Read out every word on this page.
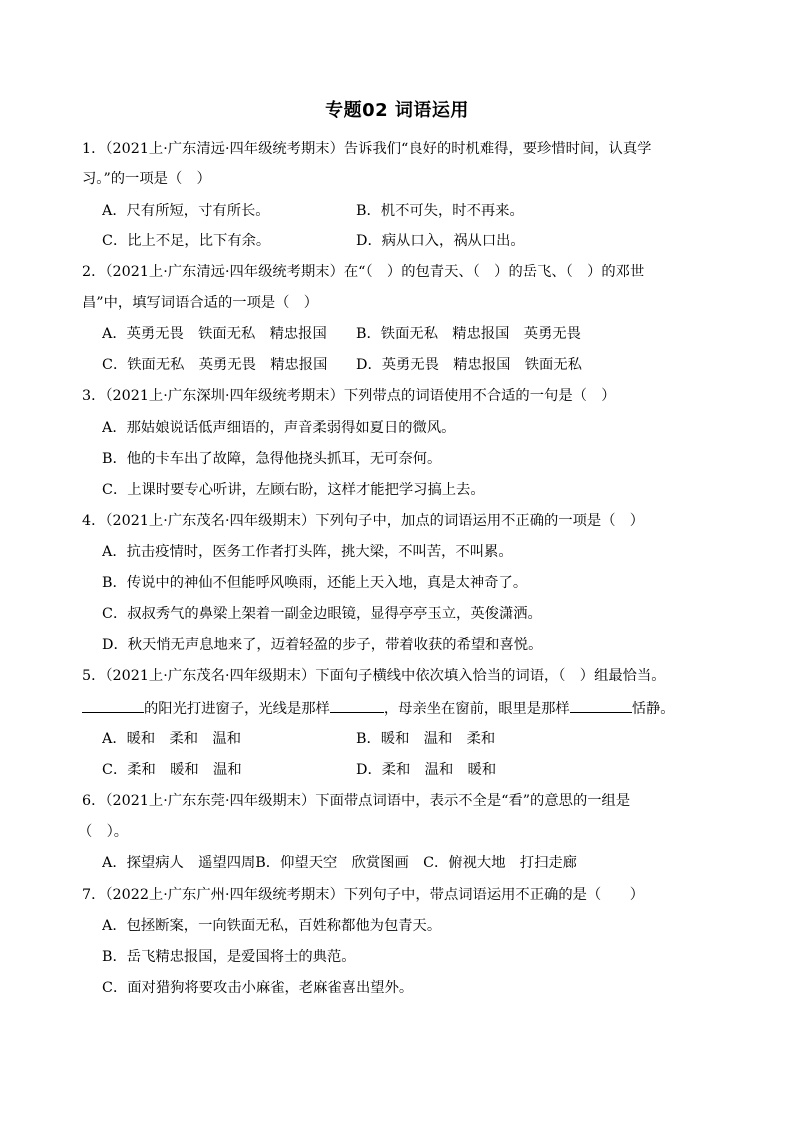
专题02 词语运用
1．（2021上·广东清远·四年级统考期末）告诉我们“良好的时机难得，要珍惜时间，认真学
习。”的一项是（　）
A．尺有所短，寸有所长。	B．机不可失，时不再来。
C．比上不足，比下有余。	D．病从口入，祸从口出。
2．（2021上·广东清远·四年级统考期末）在“（　）的包青天、（　）的岳飞、（　）的邓世
昌”中，填写词语合适的一项是（　）
A．英勇无畏　铁面无私　精忠报国	B．铁面无私　精忠报国　英勇无畏
C．铁面无私　英勇无畏　精忠报国	D．英勇无畏　精忠报国　铁面无私
3．（2021上·广东深圳·四年级统考期末）下列带点的词语使用不合适的一句是（　）
A．那姑娘说话低声细语的，声音柔弱得如夏日的微风。
B．他的卡车出了故障，急得他挠头抓耳，无可奈何。
C．上课时要专心听讲，左顾右盼，这样才能把学习搞上去。
4．（2021上·广东茂名·四年级期末）下列句子中，加点的词语运用不正确的一项是（　）
A．抗击疫情时，医务工作者打头阵，挑大梁，不叫苦，不叫累。
B．传说中的神仙不但能呼风唤雨，还能上天入地，真是太神奇了。
C．叔叔秀气的鼻梁上架着一副金边眼镜，显得亭亭玉立，英俊潇洒。
D．秋天悄无声息地来了，迈着轻盈的步子，带着收获的希望和喜悦。
5．（2021上·广东茂名·四年级期末）下面句子横线中依次填入恰当的词语，（　）组最恰当。
的阳光打进窗子，光线是那样	，母亲坐在窗前，眼里是那样	恬静。
A．暖和　柔和　温和	B．暖和　温和　柔和
C．柔和　暖和　温和	D．柔和　温和　暖和
6．（2021上·广东东莞·四年级期末）下面带点词语中，表示不全是“看”的意思的一组是
（　）。
A．探望病人　遥望四周B．仰望天空　欣赏图画　C．俯视大地　打扫走廊
7．（2022上·广东广州·四年级统考期末）下列句子中，带点词语运用不正确的是（　　）
A．包拯断案，一向铁面无私，百姓称都他为包青天。
B．岳飞精忠报国，是爱国将士的典范。
C．面对猎狗将要攻击小麻雀，老麻雀喜出望外。
